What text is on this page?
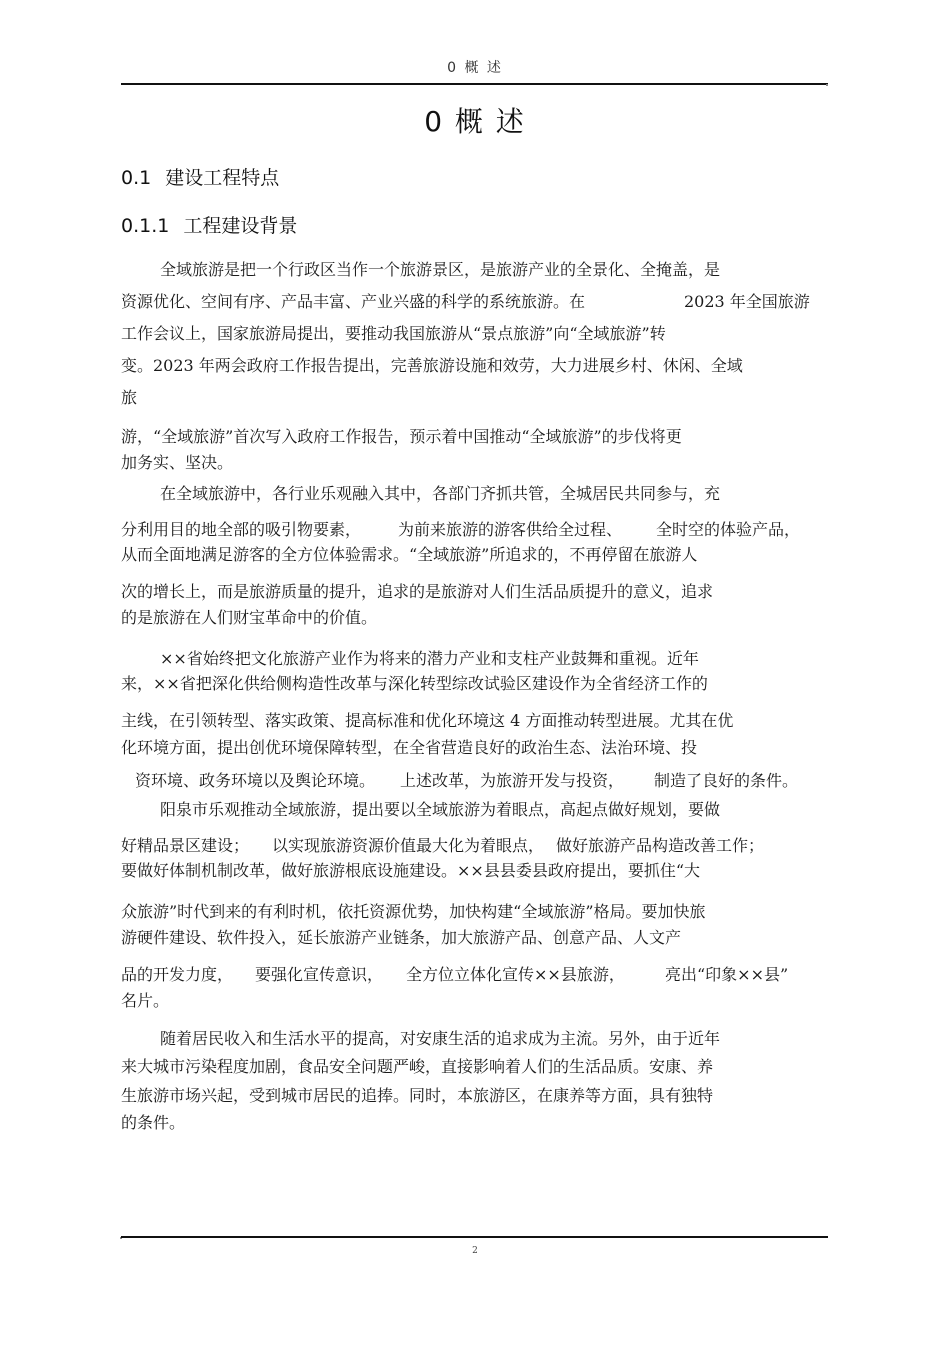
0 概 述
0 概 述
0.1 建设工程特点
0.1.1 工程建设背景
全域旅游是把一个行政区当作一个旅游景区，是旅游产业的全景化、全掩盖，是
资源优化、空间有序、产品丰富、产业兴盛的科学的系统旅游。在	2023 年全国旅游
工作会议上，国家旅游局提出，要推动我国旅游从“景点旅游”向“全域旅游”转
变。2023 年两会政府工作报告提出，完善旅游设施和效劳，大力进展乡村、休闲、全域
旅
游，“全域旅游”首次写入政府工作报告，预示着中国推动“全域旅游”的步伐将更
加务实、坚决。
在全域旅游中，各行业乐观融入其中，各部门齐抓共管，全城居民共同参与，充
分利用目的地全部的吸引物要素， 为前来旅游的游客供给全过程、 全时空的体验产品，
从而全面地满足游客的全方位体验需求。“全域旅游”所追求的，不再停留在旅游人
次的增长上，而是旅游质量的提升，追求的是旅游对人们生活品质提升的意义，追求
的是旅游在人们财宝革命中的价值。
××省始终把文化旅游产业作为将来的潜力产业和支柱产业鼓舞和重视。近年
来，××省把深化供给侧构造性改革与深化转型综改试验区建设作为全省经济工作的
主线，在引领转型、落实政策、提高标准和优化环境这 4 方面推动转型进展。尤其在优
化环境方面，提出创优环境保障转型，在全省营造良好的政治生态、法治环境、投
资环境、政务环境以及舆论环境。 上述改革，为旅游开发与投资， 制造了良好的条件。
阳泉市乐观推动全域旅游，提出要以全域旅游为着眼点，高起点做好规划，要做
好精品景区建设； 以实现旅游资源价值最大化为着眼点， 做好旅游产品构造改善工作；
要做好体制机制改革，做好旅游根底设施建设。××县县委县政府提出，要抓住“大
众旅游”时代到来的有利时机，依托资源优势，加快构建“全域旅游”格局。要加快旅
游硬件建设、软件投入，延长旅游产业链条，加大旅游产品、创意产品、人文产
品的开发力度， 要强化宣传意识， 全方位立体化宣传××县旅游，	亮出“印象××县”
名片。
随着居民收入和生活水平的提高，对安康生活的追求成为主流。另外，由于近年
来大城市污染程度加剧，食品安全问题严峻，直接影响着人们的生活品质。安康、养
生旅游市场兴起，受到城市居民的追捧。同时，本旅游区，在康养等方面，具有独特
的条件。
2
